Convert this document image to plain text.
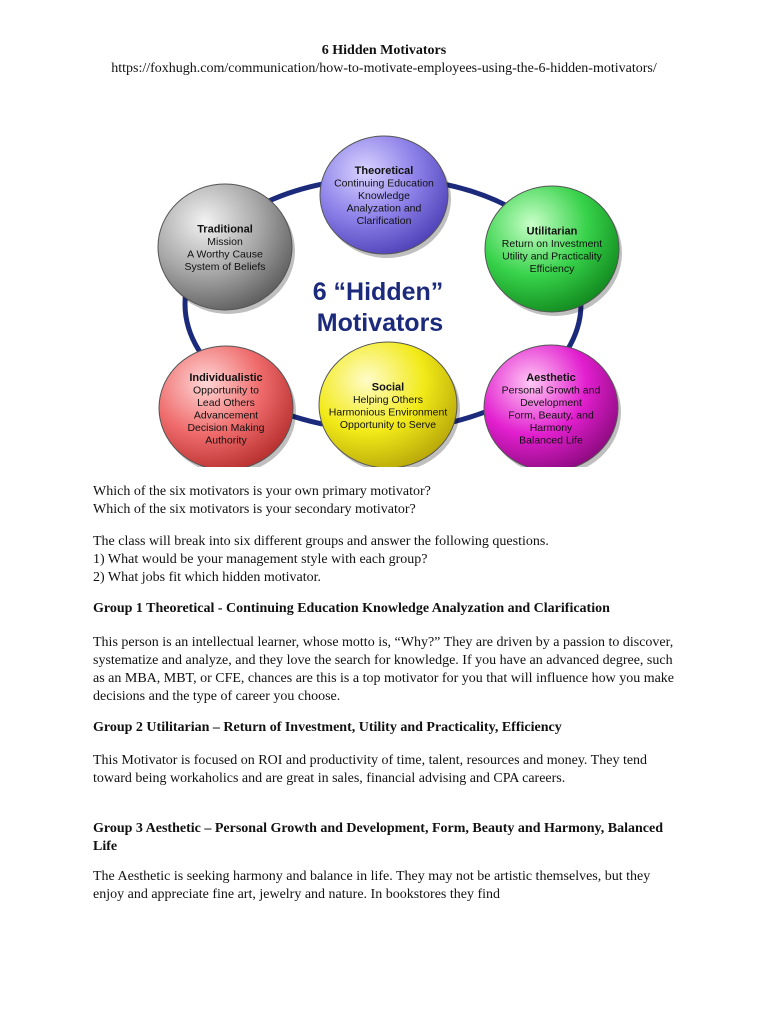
6 Hidden Motivators
https://foxhugh.com/communication/how-to-motivate-employees-using-the-6-hidden-motivators/
6 “Hidden”
Motivators
Theoretical
Continuing Education
Knowledge
Analyzation and
Clarification
Utilitarian
Return on Investment
Utility and Practicality
Efficiency
Aesthetic
Personal Growth and
Development
Form, Beauty, and
Harmony
Balanced Life
Social
Helping Others
Harmonious Environment
Opportunity to Serve
Individualistic
Opportunity to
Lead Others
Advancement
Decision Making
Authority
Traditional
Mission
A Worthy Cause
System of Beliefs

Which of the six motivators is your own primary motivator?

Which of the six motivators is your secondary motivator?

The class will break into six different groups and answer the following questions.

1) What would be your management style with each group?

2) What jobs fit which hidden motivator.

Group 1 Theoretical - Continuing Education Knowledge Analyzation and Clarification
This person is an intellectual learner, whose motto is, “Why?” They are driven by a passion to discover, systematize and analyze, and they love the search for knowledge. If you have an advanced degree, such as an MBA, MBT, or CFE, chances are this is a top motivator for you that will influence how you make decisions and the type of career you choose.
Group 2 Utilitarian – Return of Investment, Utility and Practicality, Efficiency
This Motivator is focused on ROI and productivity of time, talent, resources and money. They tend toward being workaholics and are great in sales, financial advising and CPA careers.
Group 3 Aesthetic – Personal Growth and Development, Form, Beauty and Harmony, Balanced Life
The Aesthetic is seeking harmony and balance in life. They may not be artistic themselves, but they enjoy and appreciate fine art, jewelry and nature. In bookstores they find
